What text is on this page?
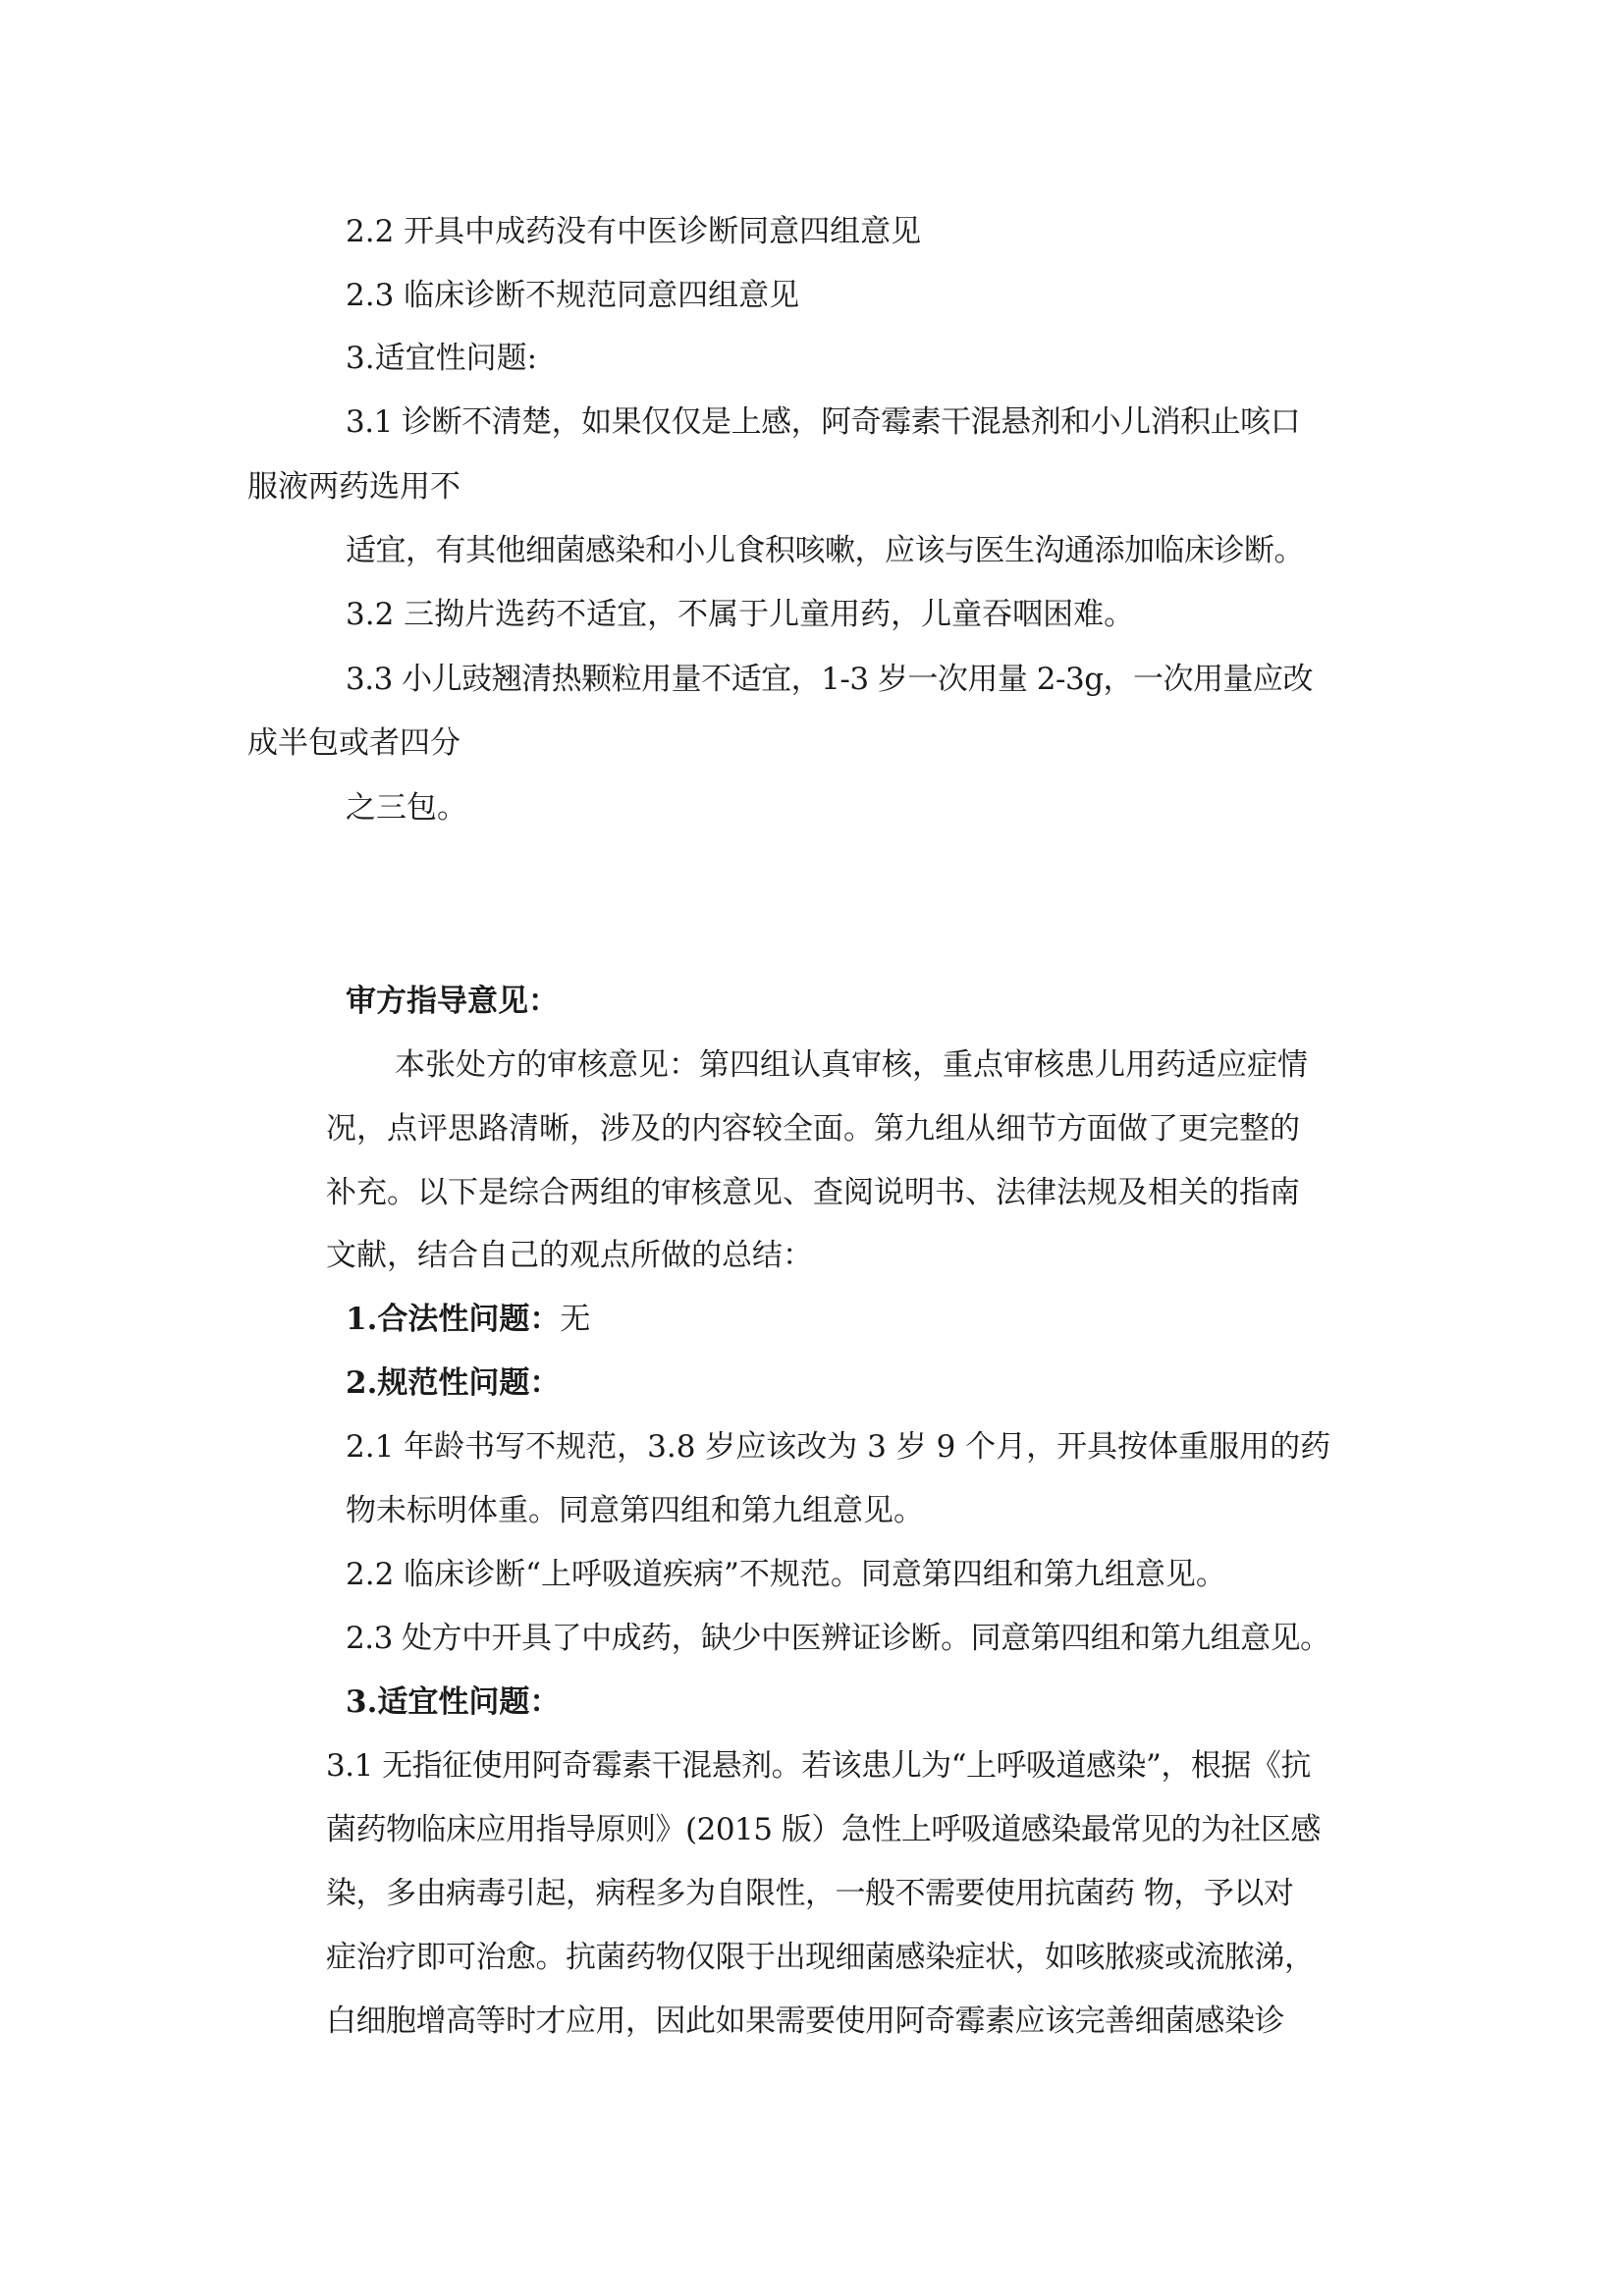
2.2 开具中成药没有中医诊断同意四组意见
2.3 临床诊断不规范同意四组意见
3.适宜性问题:
3.1 诊断不清楚，如果仅仅是上感，阿奇霉素干混悬剂和小儿消积止咳口
服液两药选用不
适宜，有其他细菌感染和小儿食积咳嗽，应该与医生沟通添加临床诊断。
3.2 三拗片选药不适宜，不属于儿童用药，儿童吞咽困难。
3.3 小儿豉翘清热颗粒用量不适宜，1-3 岁一次用量 2-3g，一次用量应改
成半包或者四分
之三包。
审方指导意见：
本张处方的审核意见：第四组认真审核，重点审核患儿用药适应症情
况，点评思路清晰，涉及的内容较全面。第九组从细节方面做了更完整的
补充。以下是综合两组的审核意见、查阅说明书、法律法规及相关的指南
文献，结合自己的观点所做的总结：
1.合法性问题：无
2.规范性问题：
2.1 年龄书写不规范，3.8 岁应该改为 3 岁 9 个月，开具按体重服用的药
物未标明体重。同意第四组和第九组意见。
2.2 临床诊断“上呼吸道疾病”不规范。同意第四组和第九组意见。
2.3 处方中开具了中成药，缺少中医辨证诊断。同意第四组和第九组意见。
3.适宜性问题：
3.1 无指征使用阿奇霉素干混悬剂。若该患儿为“上呼吸道感染”，根据《抗
菌药物临床应用指导原则》(2015 版）急性上呼吸道感染最常见的为社区感
染，多由病毒引起，病程多为自限性，一般不需要使用抗菌药 物，予以对
症治疗即可治愈。抗菌药物仅限于出现细菌感染症状，如咳脓痰或流脓涕，
白细胞增高等时才应用，因此如果需要使用阿奇霉素应该完善细菌感染诊
